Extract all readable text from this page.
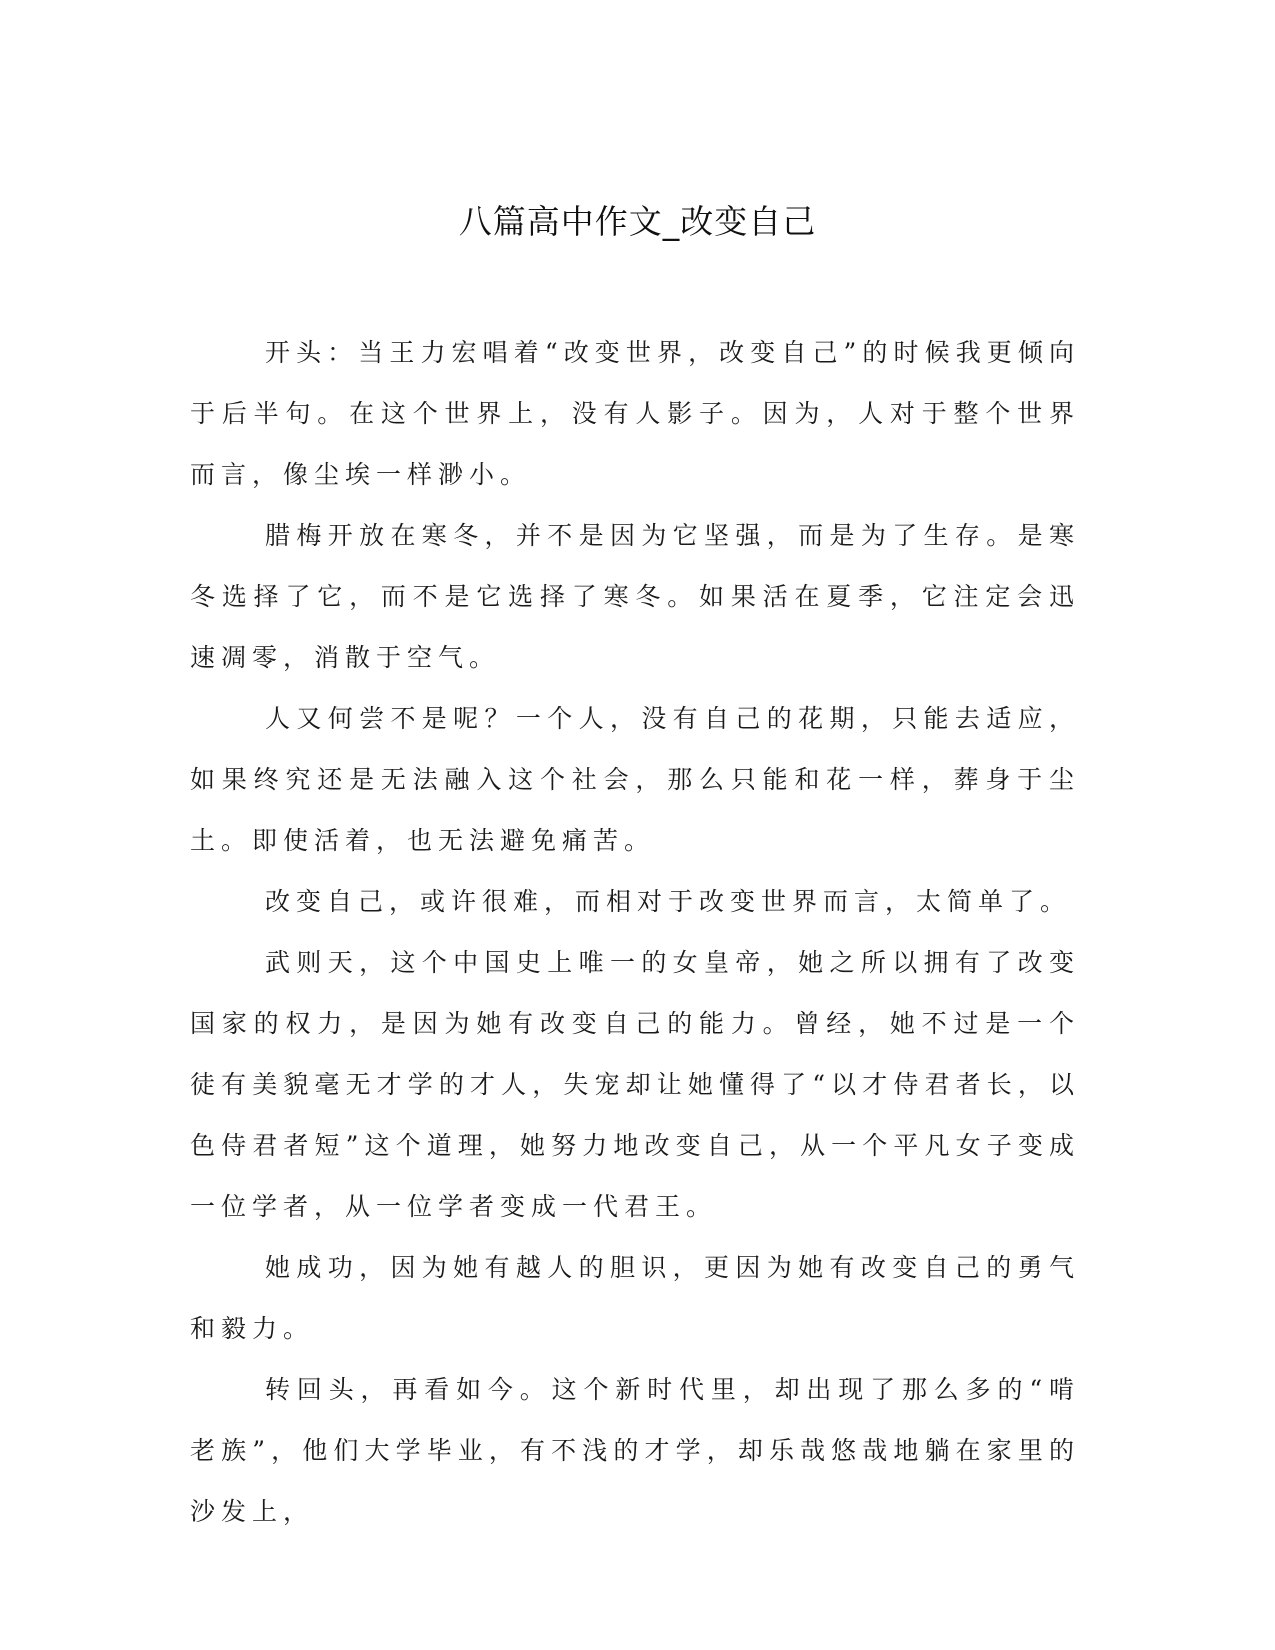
八篇高中作文_改变自己

开头：当王力宏唱着“改变世界，改变自己”的时候我更倾向于后半句。在这个世界上，没有人影子。因为，人对于整个世界而言，像尘埃一样渺小。

腊梅开放在寒冬，并不是因为它坚强，而是为了生存。是寒冬选择了它，而不是它选择了寒冬。如果活在夏季，它注定会迅速凋零，消散于空气。

人又何尝不是呢？一个人，没有自己的花期，只能去适应，如果终究还是无法融入这个社会，那么只能和花一样，葬身于尘土。即使活着，也无法避免痛苦。

改变自己，或许很难，而相对于改变世界而言，太简单了。

武则天，这个中国史上唯一的女皇帝，她之所以拥有了改变国家的权力，是因为她有改变自己的能力。曾经，她不过是一个徒有美貌毫无才学的才人，失宠却让她懂得了“以才侍君者长，以色侍君者短”这个道理，她努力地改变自己，从一个平凡女子变成一位学者，从一位学者变成一代君王。

她成功，因为她有越人的胆识，更因为她有改变自己的勇气和毅力。

转回头，再看如今。这个新时代里，却出现了那么多的“啃老族”，他们大学毕业，有不浅的才学，却乐哉悠哉地躺在家里的沙发上，
